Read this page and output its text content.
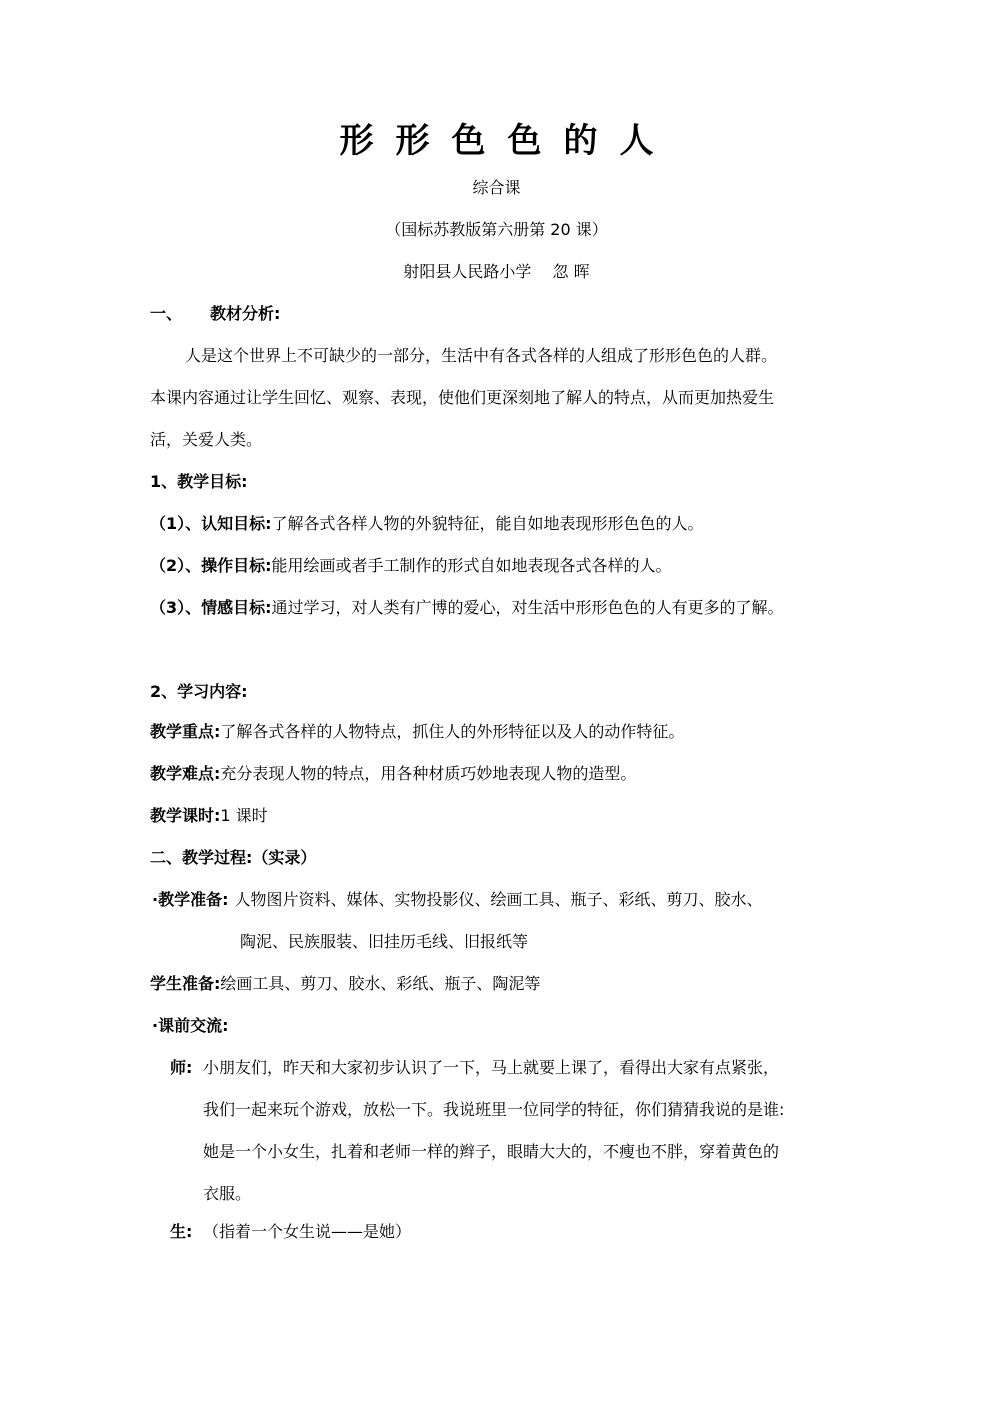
形形色色的人
综合课
（国标苏教版第六册第 20 课）
射阳县人民路小学　 忽 晖
一、 教材分析:
人是这个世界上不可缺少的一部分，生活中有各式各样的人组成了形形色色的人群。
本课内容通过让学生回忆、观察、表现，使他们更深刻地了解人的特点，从而更加热爱生
活，关爱人类。
1、教学目标:
（1）、认知目标:了解各式各样人物的外貌特征，能自如地表现形形色色的人。
（2）、操作目标:能用绘画或者手工制作的形式自如地表现各式各样的人。
（3）、情感目标:通过学习，对人类有广博的爱心，对生活中形形色色的人有更多的了解。
2、学习内容:
教学重点:了解各式各样的人物特点，抓住人的外形特征以及人的动作特征。
教学难点:充分表现人物的特点，用各种材质巧妙地表现人物的造型。
教学课时:1 课时
二、教学过程:（实录）
·教学准备: 人物图片资料、媒体、实物投影仪、绘画工具、瓶子、彩纸、剪刀、胶水、
陶泥、民族服装、旧挂历毛线、旧报纸等
学生准备:绘画工具、剪刀、胶水、彩纸、瓶子、陶泥等
·课前交流:
师: 小朋友们，昨天和大家初步认识了一下，马上就要上课了，看得出大家有点紧张，
我们一起来玩个游戏，放松一下。我说班里一位同学的特征，你们猜猜我说的是谁:
她是一个小女生，扎着和老师一样的辫子，眼睛大大的，不瘦也不胖，穿着黄色的
衣服。
生: （指着一个女生说——是她）
